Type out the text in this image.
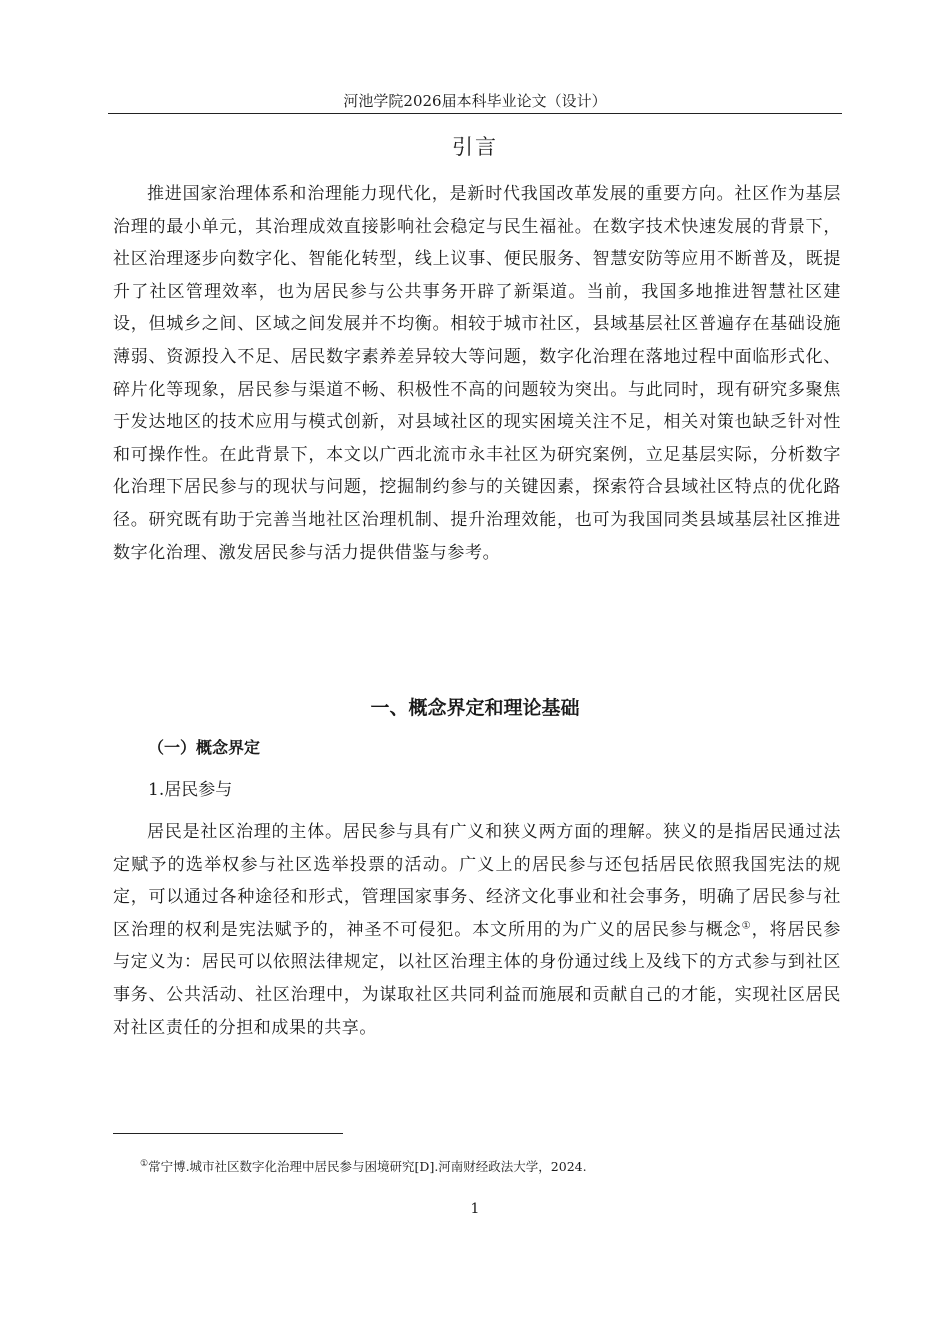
河池学院2026届本科毕业论文（设计）
引言
推进国家治理体系和治理能力现代化，是新时代我国改革发展的重要方向。社区作为基层治理的最小单元，其治理成效直接影响社会稳定与民生福祉。在数字技术快速发展的背景下，社区治理逐步向数字化、智能化转型，线上议事、便民服务、智慧安防等应用不断普及，既提升了社区管理效率，也为居民参与公共事务开辟了新渠道。当前，我国多地推进智慧社区建设，但城乡之间、区域之间发展并不均衡。相较于城市社区，县域基层社区普遍存在基础设施薄弱、资源投入不足、居民数字素养差异较大等问题，数字化治理在落地过程中面临形式化、碎片化等现象，居民参与渠道不畅、积极性不高的问题较为突出。与此同时，现有研究多聚焦于发达地区的技术应用与模式创新，对县域社区的现实困境关注不足，相关对策也缺乏针对性和可操作性。在此背景下，本文以广西北流市永丰社区为研究案例，立足基层实际，分析数字化治理下居民参与的现状与问题，挖掘制约参与的关键因素，探索符合县域社区特点的优化路径。研究既有助于完善当地社区治理机制、提升治理效能，也可为我国同类县域基层社区推进数字化治理、激发居民参与活力提供借鉴与参考。
一、概念界定和理论基础
（一）概念界定
1.居民参与
居民是社区治理的主体。居民参与具有广义和狭义两方面的理解。狭义的是指居民通过法定赋予的选举权参与社区选举投票的活动。广义上的居民参与还包括居民依照我国宪法的规定，可以通过各种途径和形式，管理国家事务、经济文化事业和社会事务，明确了居民参与社区治理的权利是宪法赋予的，神圣不可侵犯。本文所用的为广义的居民参与概念①，将居民参与定义为：居民可以依照法律规定，以社区治理主体的身份通过线上及线下的方式参与到社区事务、公共活动、社区治理中，为谋取社区共同利益而施展和贡献自己的才能，实现社区居民对社区责任的分担和成果的共享。
①常宁博.城市社区数字化治理中居民参与困境研究[D].河南财经政法大学，2024.
1
